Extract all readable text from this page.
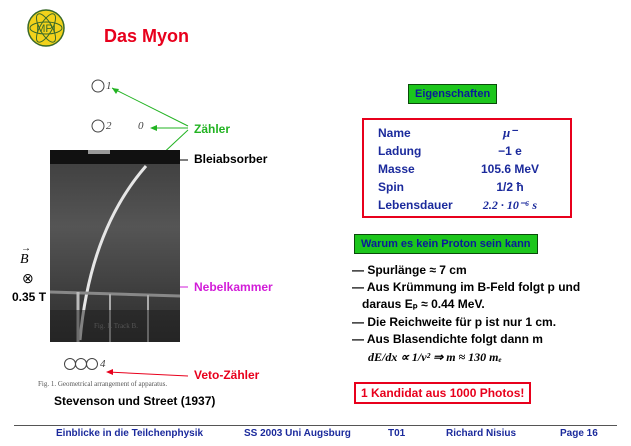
MPI	Das Myon
1
2 0
4
Fig. 1. Track B.
Fig. 1. Geometrical arrangement of apparatus.
Stevenson und Street (1937)
Zähler
Bleiabsorber
→
B
⊗
0.35 T
Nebelkammer
Veto-Zähler
Eigenschaften
Name	μ⁻
Ladung	−1 e
Masse	105.6 MeV
Spin	1/2 ħ
Lebensdauer	2.2 · 10⁻⁶ s
Warum es kein Proton sein kann
— Spurlänge ≈ 7 cm
— Aus Krümmung im B-Feld folgt p und
daraus Eₚ ≈ 0.44 MeV.
— Die Reichweite für p ist nur 1 cm.
— Aus Blasendichte folgt dann m
dE/dx ∝ 1/v² ⇒ m ≈ 130 mₑ
1 Kandidat aus 1000 Photos!
Einblicke in die Teilchenphysik	SS 2003 Uni Augsburg	T01	Richard Nisius	Page 16
